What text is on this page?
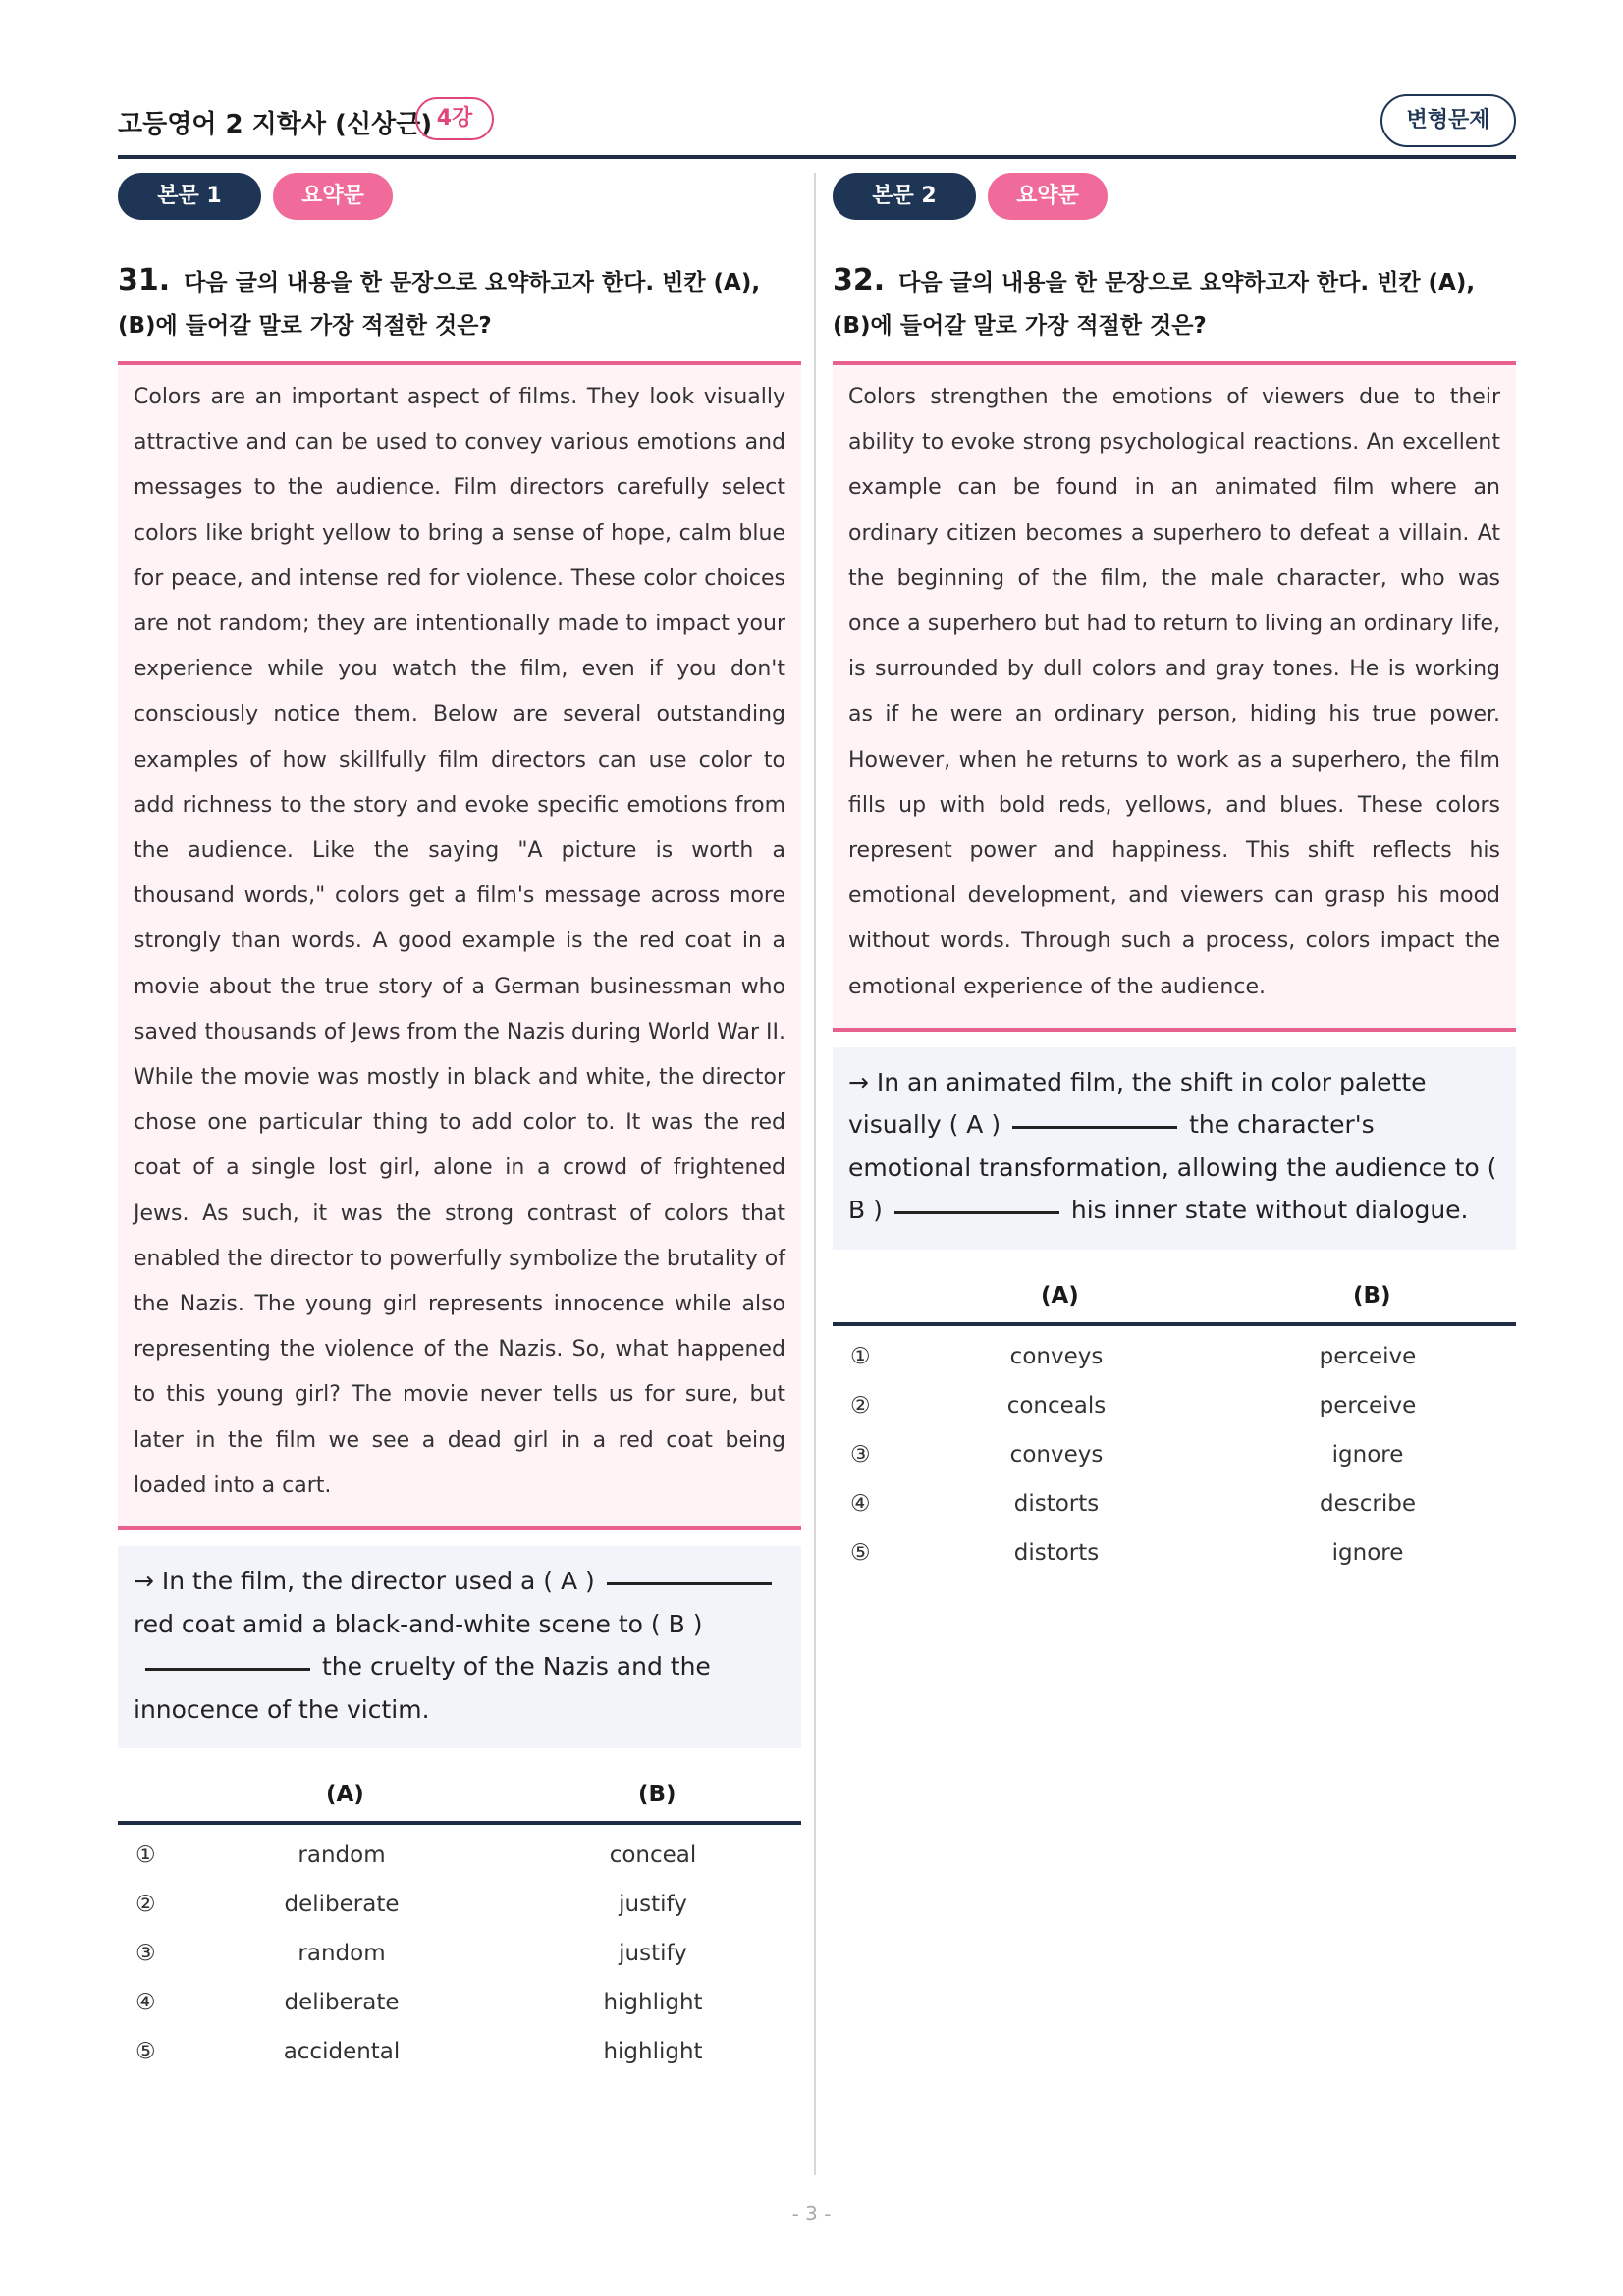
고등영어 2 지학사 (신상근) 4강	변형문제
본문 1	요약문
31. 다음 글의 내용을 한 문장으로 요약하고자 한다. 빈칸 (A), (B)에 들어갈 말로 가장 적절한 것은?
Colors are an important aspect of films. They look visually attractive and can be used to convey various emotions and messages to the audience. Film directors carefully select colors like bright yellow to bring a sense of hope, calm blue for peace, and intense red for violence. These color choices are not random; they are intentionally made to impact your experience while you watch the film, even if you don't consciously notice them. Below are several outstanding examples of how skillfully film directors can use color to add richness to the story and evoke specific emotions from the audience. Like the saying "A picture is worth a thousand words," colors get a film's message across more strongly than words. A good example is the red coat in a movie about the true story of a German businessman who saved thousands of Jews from the Nazis during World War II. While the movie was mostly in black and white, the director chose one particular thing to add color to. It was the red coat of a single lost girl, alone in a crowd of frightened Jews. As such, it was the strong contrast of colors that enabled the director to powerfully symbolize the brutality of the Nazis. The young girl represents innocence while also representing the violence of the Nazis. So, what happened to this young girl? The movie never tells us for sure, but later in the film we see a dead girl in a red coat being loaded into a cart.
→ In the film, the director used a ( A )red coat amid a black-and-white scene to ( B )the cruelty of the Nazis and the innocence of the victim.
(A)	(B)
①	random	conceal
②	deliberate	justify
③	random	justify
④	deliberate	highlight
⑤	accidental	highlight
본문 2	요약문
32. 다음 글의 내용을 한 문장으로 요약하고자 한다. 빈칸 (A), (B)에 들어갈 말로 가장 적절한 것은?
Colors strengthen the emotions of viewers due to their ability to evoke strong psychological reactions. An excellent example can be found in an animated film where an ordinary citizen becomes a superhero to defeat a villain. At the beginning of the film, the male character, who was once a superhero but had to return to living an ordinary life, is surrounded by dull colors and gray tones. He is working as if he were an ordinary person, hiding his true power. However, when he returns to work as a superhero, the film fills up with bold reds, yellows, and blues. These colors represent power and happiness. This shift reflects his emotional development, and viewers can grasp his mood without words. Through such a process, colors impact the emotional experience of the audience.
→ In an animated film, the shift in color palette visually ( A )	the character's emotional transformation, allowing the audience to ( B )	his inner state without dialogue.
(A)	(B)
①	conveys	perceive
②	conceals	perceive
③	conveys	ignore
④	distorts	describe
⑤	distorts	ignore
- 3 -
